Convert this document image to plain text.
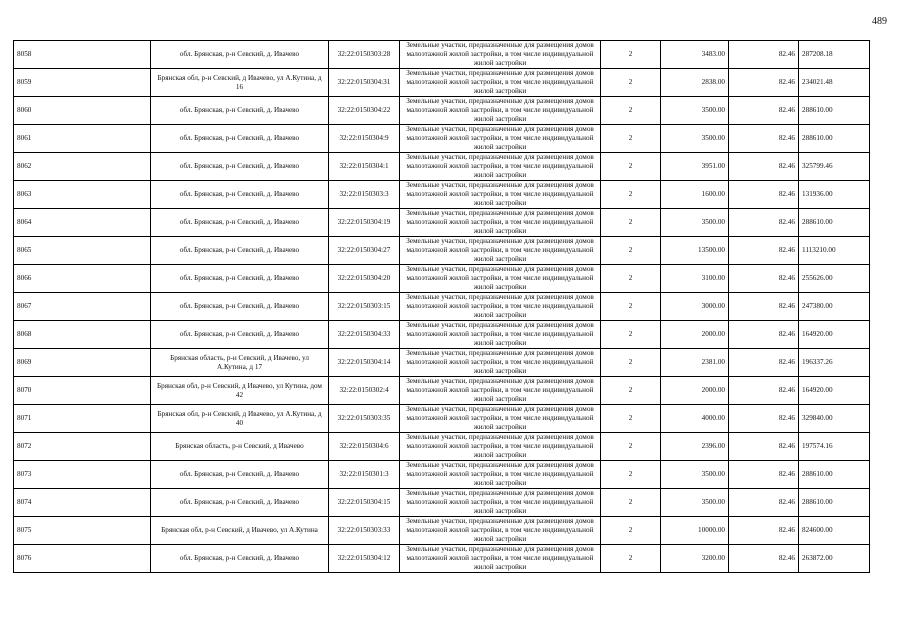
489
8058	обл. Брянская, р-н Севский, д. Ивачево	32:22:0150303:28	Земельные участки, предназначенные для размещения домов малоэтажной жилой застройки, в том числе индивидуальной жилой застройки	2	3483.00	82.46	287208.18
8059	Брянская обл, р-н Севский, д Ивачево, ул А.Кутина, д 16	32:22:0150304:31	Земельные участки, предназначенные для размещения домов малоэтажной жилой застройки, в том числе индивидуальной жилой застройки	2	2838.00	82.46	234021.48
8060	обл. Брянская, р-н Севский, д. Ивачево	32:22:0150304:22	Земельные участки, предназначенные для размещения домов малоэтажной жилой застройки, в том числе индивидуальной жилой застройки	2	3500.00	82.46	288610.00
8061	обл. Брянская, р-н Севский, д. Ивачево	32:22:0150304:9	Земельные участки, предназначенные для размещения домов малоэтажной жилой застройки, в том числе индивидуальной жилой застройки	2	3500.00	82.46	288610.00
8062	обл. Брянская, р-н Севский, д. Ивачево	32:22:0150304:1	Земельные участки, предназначенные для размещения домов малоэтажной жилой застройки, в том числе индивидуальной жилой застройки	2	3951.00	82.46	325799.46
8063	обл. Брянская, р-н Севский, д. Ивачево	32:22:0150303:3	Земельные участки, предназначенные для размещения домов малоэтажной жилой застройки, в том числе индивидуальной жилой застройки	2	1600.00	82.46	131936.00
8064	обл. Брянская, р-н Севский, д. Ивачево	32:22:0150304:19	Земельные участки, предназначенные для размещения домов малоэтажной жилой застройки, в том числе индивидуальной жилой застройки	2	3500.00	82.46	288610.00
8065	обл. Брянская, р-н Севский, д. Ивачево	32:22:0150304:27	Земельные участки, предназначенные для размещения домов малоэтажной жилой застройки, в том числе индивидуальной жилой застройки	2	13500.00	82.46	1113210.00
8066	обл. Брянская, р-н Севский, д. Ивачево	32:22:0150304:20	Земельные участки, предназначенные для размещения домов малоэтажной жилой застройки, в том числе индивидуальной жилой застройки	2	3100.00	82.46	255626.00
8067	обл. Брянская, р-н Севский, д. Ивачево	32:22:0150303:15	Земельные участки, предназначенные для размещения домов малоэтажной жилой застройки, в том числе индивидуальной жилой застройки	2	3000.00	82.46	247380.00
8068	обл. Брянская, р-н Севский, д. Ивачево	32:22:0150304:33	Земельные участки, предназначенные для размещения домов малоэтажной жилой застройки, в том числе индивидуальной жилой застройки	2	2000.00	82.46	164920.00
8069	Брянская область, р-н Севский, д Ивачево, ул А.Кутина, д 17	32:22:0150304:14	Земельные участки, предназначенные для размещения домов малоэтажной жилой застройки, в том числе индивидуальной жилой застройки	2	2381.00	82.46	196337.26
8070	Брянская обл, р-н Севский, д Ивачево, ул Кутина, дом 42	32:22:0150302:4	Земельные участки, предназначенные для размещения домов малоэтажной жилой застройки, в том числе индивидуальной жилой застройки	2	2000.00	82.46	164920.00
8071	Брянская обл, р-н Севский, д Ивачево, ул А.Кутина, д 40	32:22:0150303:35	Земельные участки, предназначенные для размещения домов малоэтажной жилой застройки, в том числе индивидуальной жилой застройки	2	4000.00	82.46	329840.00
8072	Брянская область, р-н Севский, д Ивачево	32:22:0150304:6	Земельные участки, предназначенные для размещения домов малоэтажной жилой застройки, в том числе индивидуальной жилой застройки	2	2396.00	82.46	197574.16
8073	обл. Брянская, р-н Севский, д. Ивачево	32:22:0150301:3	Земельные участки, предназначенные для размещения домов малоэтажной жилой застройки, в том числе индивидуальной жилой застройки	2	3500.00	82.46	288610.00
8074	обл. Брянская, р-н Севский, д. Ивачево	32:22:0150304:15	Земельные участки, предназначенные для размещения домов малоэтажной жилой застройки, в том числе индивидуальной жилой застройки	2	3500.00	82.46	288610.00
8075	Брянская обл, р-н Севский, д Ивачево, ул А.Кутина	32:22:0150303:33	Земельные участки, предназначенные для размещения домов малоэтажной жилой застройки, в том числе индивидуальной жилой застройки	2	10000.00	82.46	824600.00
8076	обл. Брянская, р-н Севский, д. Ивачево	32:22:0150304:12	Земельные участки, предназначенные для размещения домов малоэтажной жилой застройки, в том числе индивидуальной жилой застройки	2	3200.00	82.46	263872.00
